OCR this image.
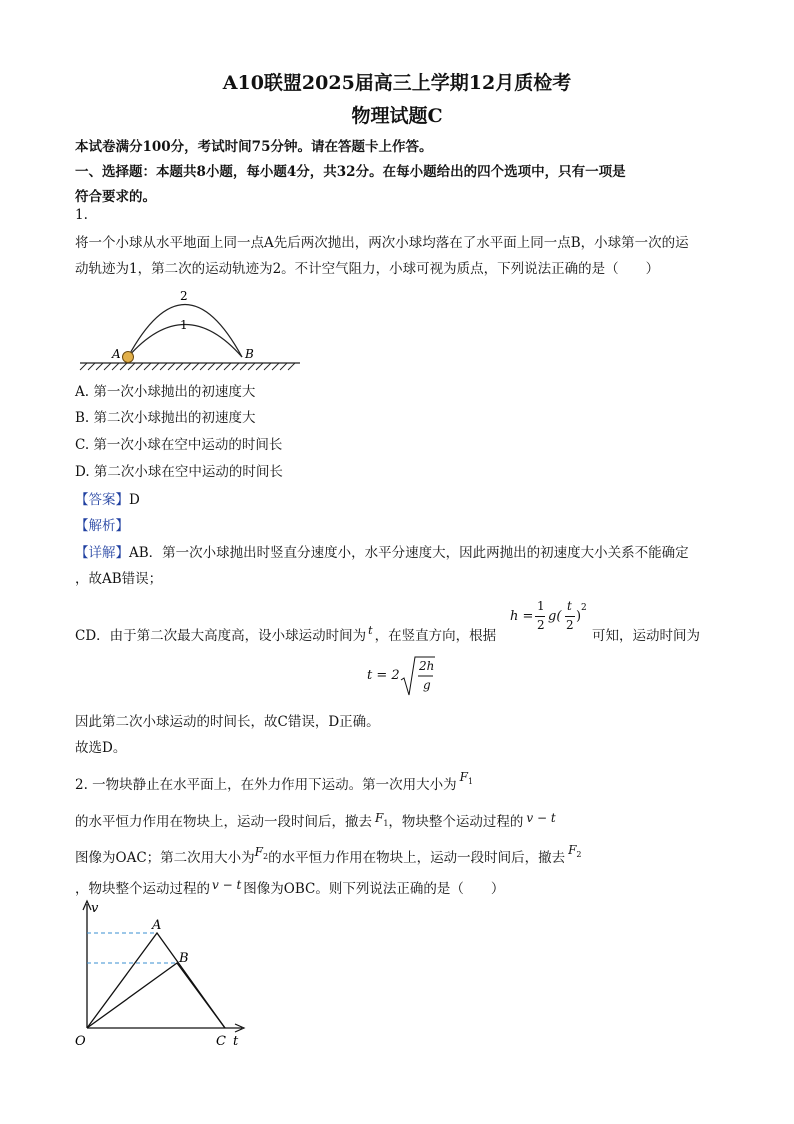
A10联盟2025届高三上学期12月质检考
物理试题C
本试卷满分100分，考试时间75分钟。请在答题卡上作答。
一、选择题：本题共8小题，每小题4分，共32分。在每小题给出的四个选项中，只有一项是
符合要求的。
1.
将一个小球从水平地面上同一点A先后两次抛出，两次小球均落在了水平面上同一点B，小球第一次的运
动轨迹为1，第二次的运动轨迹为2。不计空气阻力，小球可视为质点，下列说法正确的是（　　）
A	B
1
2
A. 第一次小球抛出的初速度大
B. 第二次小球抛出的初速度大
C. 第一次小球在空中运动的时间长
D. 第二次小球在空中运动的时间长
【答案】D
【解析】
【详解】AB．第一次小球抛出时竖直分速度小，水平分速度大，因此两抛出的初速度大小关系不能确定
，故AB错误；
CD．由于第二次最大高度高，设小球运动时间为 $^t$ ，在竖直方向，根据
h =
1
2
g(
t
2
)
2
可知，运动时间为
t = 2
2h
g
因此第二次小球运动的时间长，故C错误，D正确。
故选D。
2. 一物块静止在水平面上，在外力作用下运动。第一次用大小为 $F^1$
的水平恒力作用在物块上，运动一段时间后，撤去 F1，物块整个运动过程的 v − t
图像为OAC；第二次用大小为$F^2$的水平恒力作用在物块上，运动一段时间后，撤去 $F^2$
，物块整个运动过程的 v − t 图像为OBC。则下列说法正确的是（　　）
v
t
O
A
B
C
